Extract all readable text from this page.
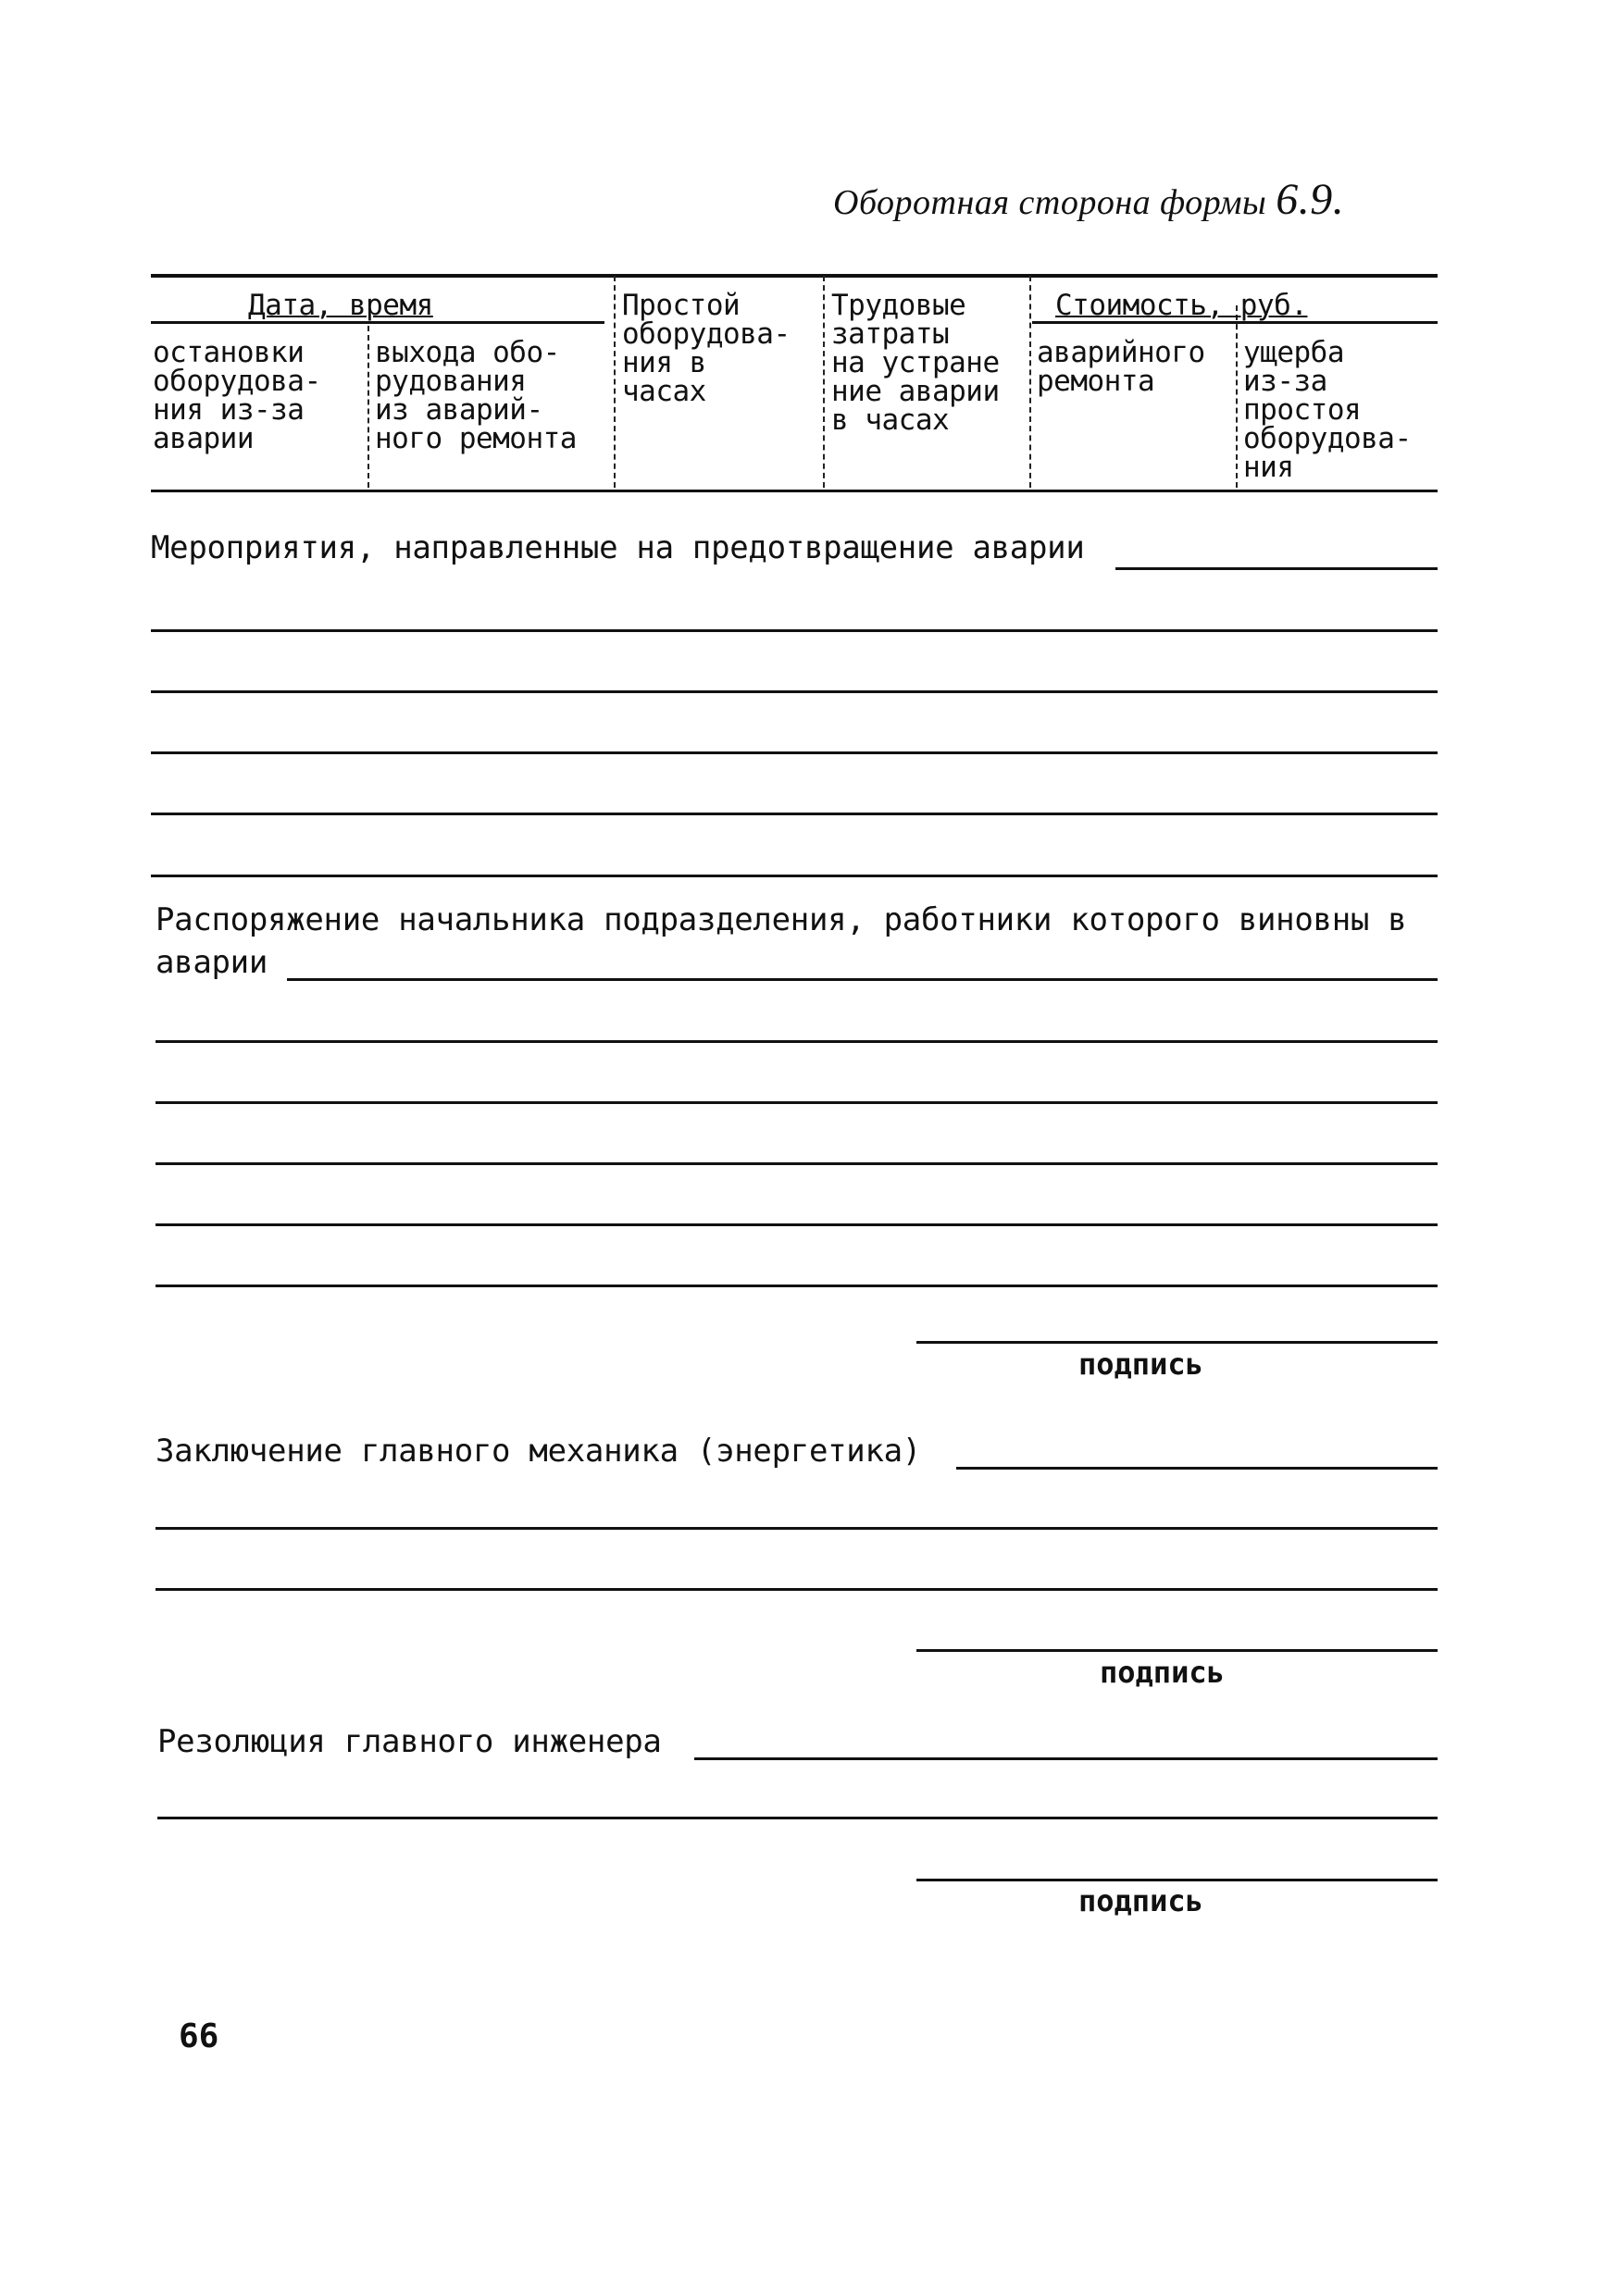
Оборотная сторона формы 6.9.
Дата, время	Стоимость, руб.
остановки
оборудова-
ния из-за
аварии
выхода обо-
рудования
из аварий-
ного ремонта
Простой
оборудова-
ния в
часах
Трудовые
затраты
на устране
ние аварии
в часах
аварийного
ремонта
ущерба
из-за
простоя
оборудова-
ния
Мероприятия, направленные на предотвращение аварии
Распоряжение начальника подразделения, работники которого виновны в
аварии
подпись
Заключение главного механика (энергетика)
подпись
Резолюция главного инженера
подпись
66
